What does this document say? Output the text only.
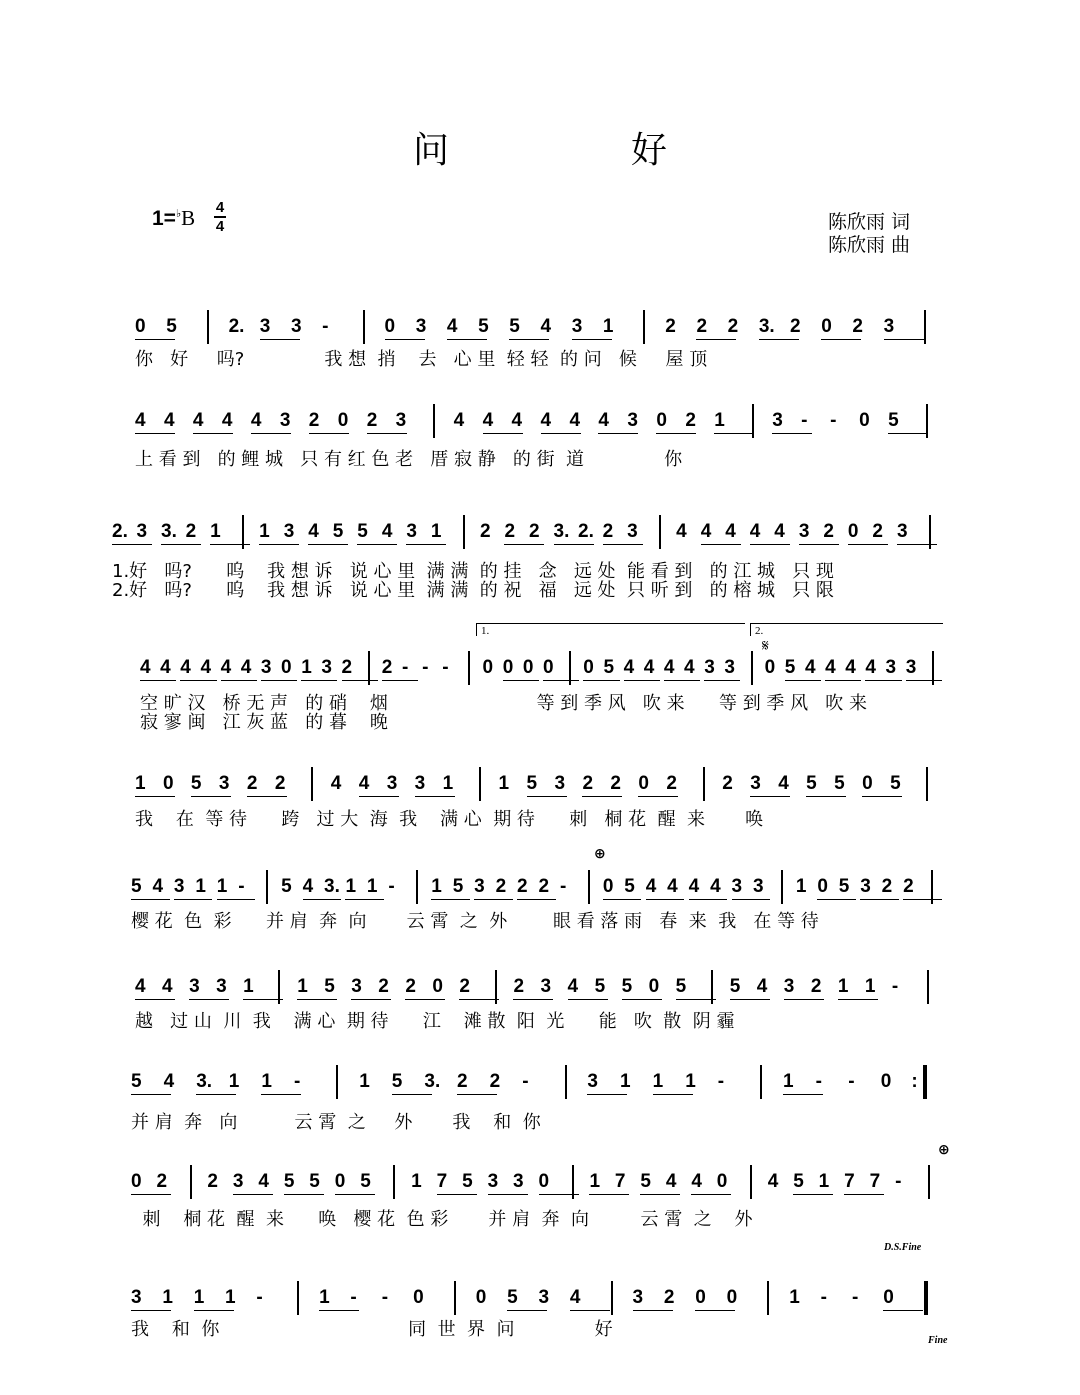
问	好
1=♭B 4
4	陈欣雨 词
陈欣雨 曲
0 5	2. 3 3 -	0 3 4 5 5 4 3 1	2 2 2 3. 2 0 2 3
你   好     吗?              我 想  捎    去   心 里  轻 轻  的 问   候     屋 顶
4 4 4 4 4 3 2 0 2 3 4 4 4 4 4 4 3 0 2 1 3 - - 0 5
上 看 到   的 鲤 城   只 有 红 色 老   厝 寂 静   的 街  道              你
2. 3 3. 2 1 1 3 4 5 5 4 3 1 2 2 2 3. 2. 2 3 4 4 4 4 4 3 2 0 2 3
1.好   吗?      呜    我 想 诉   说 心 里  满 满  的 挂   念   远 处  能 看 到   的 江 城   只 现
2.好   吗?      呜    我 想 诉   说 心 里  满 满  的 祝   福   远 处  只 听 到   的 榕 城   只 限
4 4 4 4 4 4 3 0 1 3 2 2 - - - 0 0 0 0 0 5 4 4 4 4 3 3 0 5 4 4 4 4 3 3
空 旷 汉   桥 无 声   的 硝    烟                          等 到 季 风   吹 来      等 到 季 风   吹 来
寂 寥 闽   江 灰 蓝   的 暮    晚
1 0 5 3 2 2 4 4 3 3 1 1 5 3 2 2 0 2 2 3 4 5 5 0 5
我    在  等 待      跨   过 大  海  我    满 心  期 待      刺   桐 花  醒  来       唤
5 4 3 1 1 - 5 4 3. 1 1 - 1 5 3 2 2 2 - 0 5 4 4 4 4 3 3 1 0 5 3 2 2
樱 花  色  彩      并 肩  奔  向       云 霄  之  外        眼 看 落 雨   春  来  我   在 等 待
4 4 3 3 1 1 5 3 2 2 0 2 2 3 4 5 5 0 5 5 4 3 2 1 1 -
越   过 山  川  我    满 心  期 待      江    滩 散  阳  光      能   吹  散  阴 霾
5 4 3. 1 1 -	1 5 3. 2 2 -	3 1 1 1 -	1 - - 0 :
并 肩  奔   向          云 霄  之     外       我    和  你
0 2 2 3 4 5 5 0 5 1 7 5 3 3 0 1 7 5 4 4 0 4 5 1 7 7 -
刺    桐 花  醒  来      唤   樱 花  色 彩       并 肩  奔  向         云 霄  之    外
3 1 1 1 -	1 - - 0	0 5 3 4	3 2 0 0	1 - - 0
我    和  你                                 同  世  界  问              好
1.	2.
𝄋
⊕
⊕
D.S.Fine
Fine
